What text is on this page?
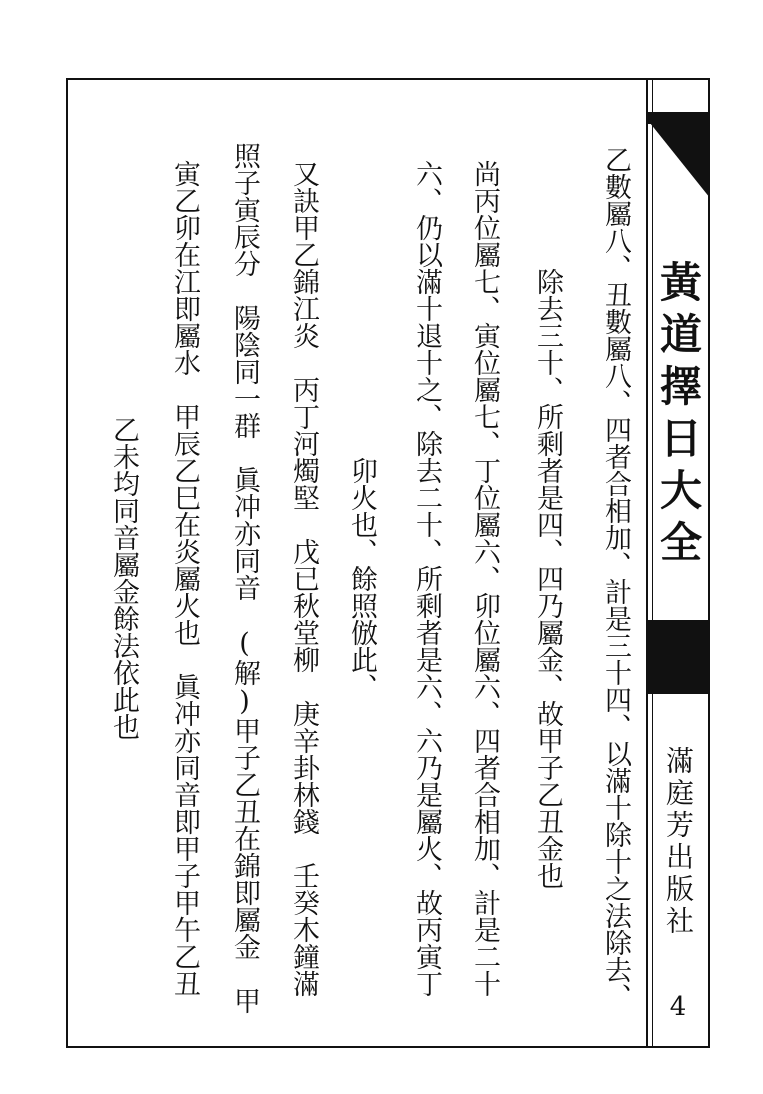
乙數屬八、丑數屬八、四者合相加、計是三十四、以滿十除十之法除去、
除去三十、所剩者是四、四乃屬金、故甲子乙丑金也
尚丙位屬七、寅位屬七、丁位屬六、卯位屬六、四者合相加、計是二十
六、仍以滿十退十之、除去二十、所剩者是六、六乃是屬火、故丙寅丁
卯火也、餘照倣此、
又訣甲乙錦江炎　丙丁河燭堅　戊已秋堂柳　庚辛卦林錢　壬癸木鐘滿
照子寅辰分　陽陰同一群　眞冲亦同音　(解)甲子乙丑在錦即屬金　甲
寅乙卯在江即屬水　甲辰乙巳在炎屬火也　眞冲亦同音即甲子甲午乙丑
乙未均同音屬金餘法依此也	黃道擇日大全
滿庭芳出版社
4
